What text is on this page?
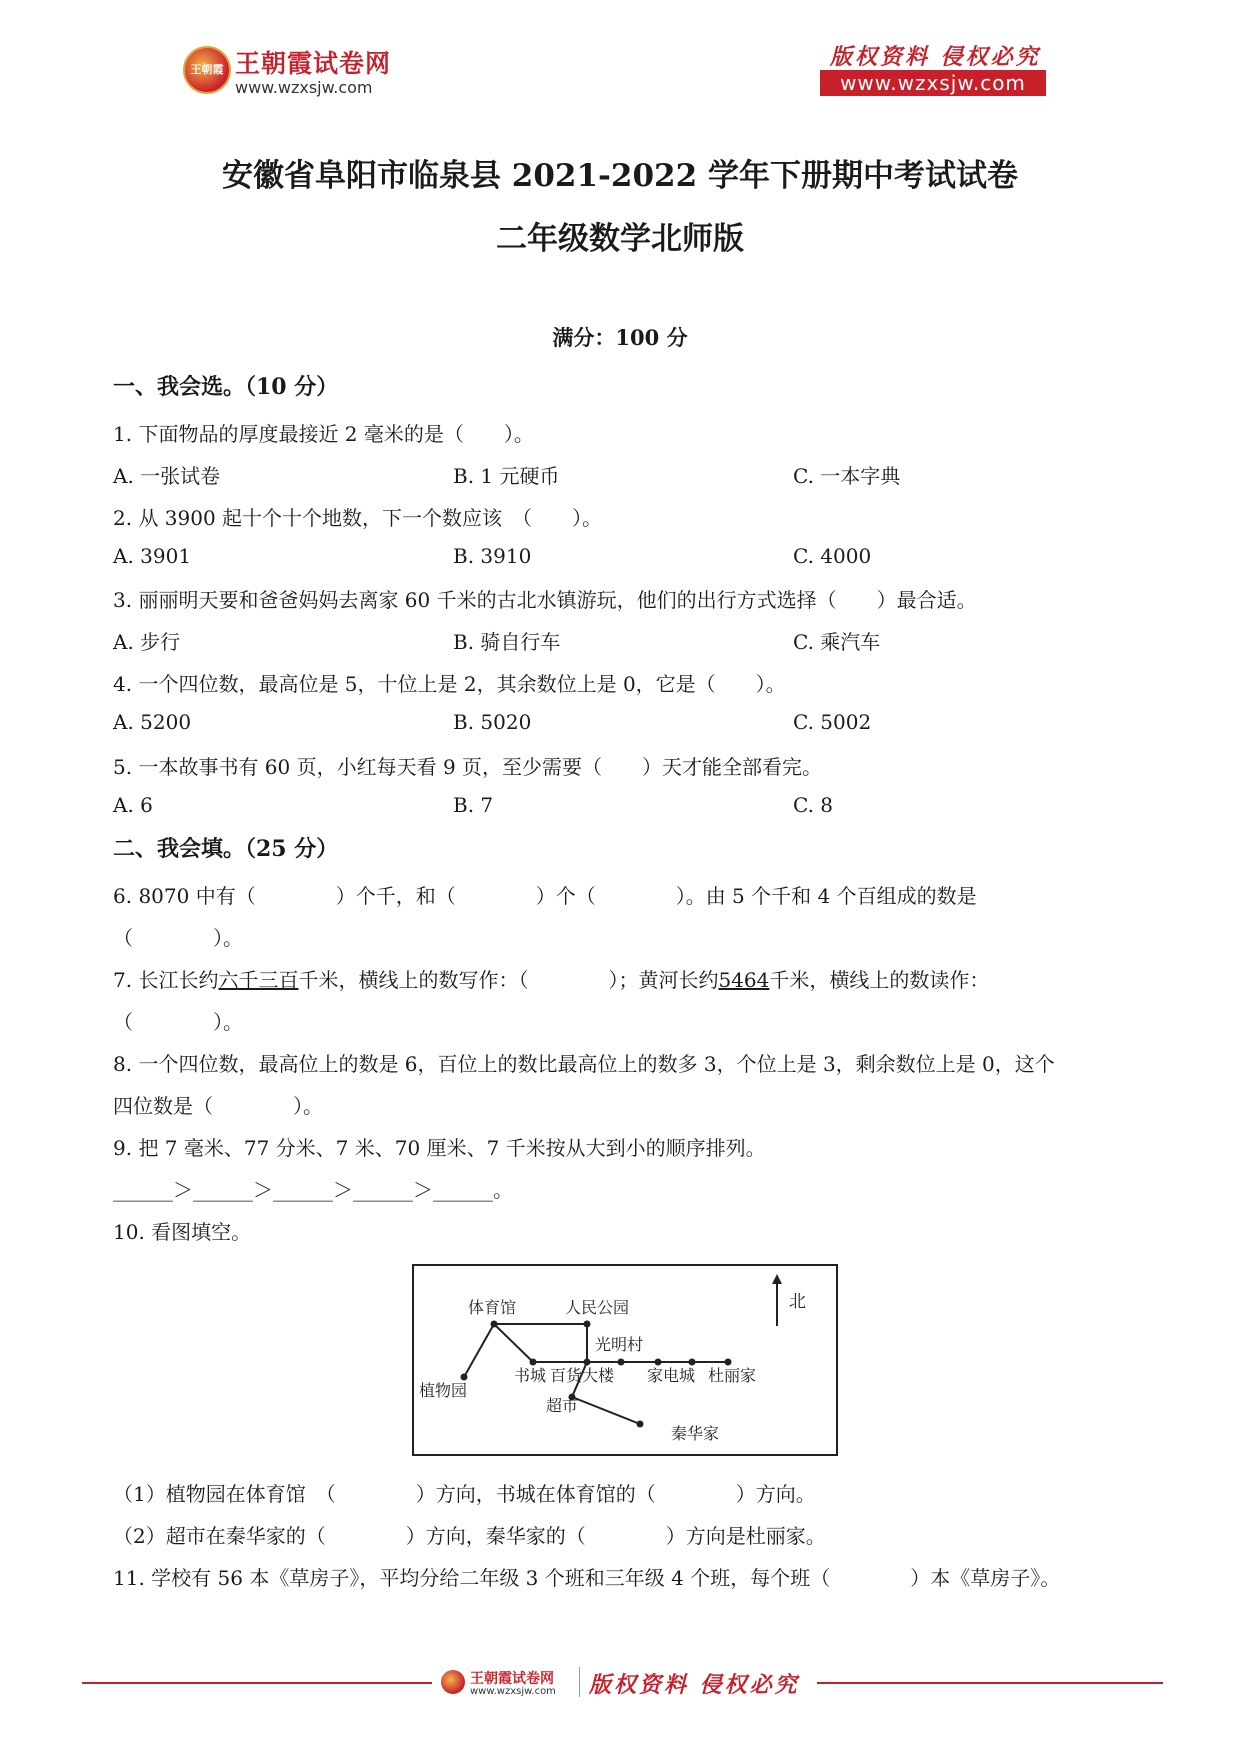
王朝霞 王朝霞试卷网
www.wzxsjw.com
版权资料 侵权必究
www.wzxsjw.com
安徽省阜阳市临泉县 2021-2022 学年下册期中考试试卷
二年级数学北师版
满分：100 分
一、我会选。（10 分）
1. 下面物品的厚度最接近 2 毫米的是（　　）。
A. 一张试卷	B. 1 元硬币	C. 一本字典
2. 从 3900 起十个十个地数，下一个数应该　（　　）。
A. 3901	B. 3910	C. 4000
3. 丽丽明天要和爸爸妈妈去离家 60 千米的古北水镇游玩，他们的出行方式选择（　　）最合适。
A. 步行	B. 骑自行车	C. 乘汽车
4. 一个四位数，最高位是 5，十位上是 2，其余数位上是 0，它是（　　）。
A. 5200	B. 5020	C. 5002
5. 一本故事书有 60 页，小红每天看 9 页，至少需要（　　）天才能全部看完。
A. 6	B. 7	C. 8
二、我会填。（25 分）
6. 8070 中有（　　　　）个千，和（　　　　）个（　　　　）。由 5 个千和 4 个百组成的数是
（　　　　）。
7. 长江长约六千三百千米，横线上的数写作：（　　　　）；黄河长约5464千米，横线上的数读作：
（　　　　）。
8. 一个四位数，最高位上的数是 6，百位上的数比最高位上的数多 3，个位上是 3，剩余数位上是 0，这个
四位数是（　　　　）。
9. 把 7 毫米、77 分米、7 米、70 厘米、7 千米按从大到小的顺序排列。
______＞______＞______＞______＞______。
10. 看图填空。
北
体育馆	人民公园
光明村
植物园
书城 百货大楼 家电城 杜丽家
超市
秦华家
（1）植物园在体育馆　（　　　　）方向，书城在体育馆的（　　　　）方向。
（2）超市在秦华家的（　　　　）方向，秦华家的（　　　　）方向是杜丽家。
11. 学校有 56 本《草房子》，平均分给二年级 3 个班和三年级 4 个班，每个班（　　　　）本《草房子》。
王朝霞试卷网
www.wzxsjw.com 版权资料 侵权必究
